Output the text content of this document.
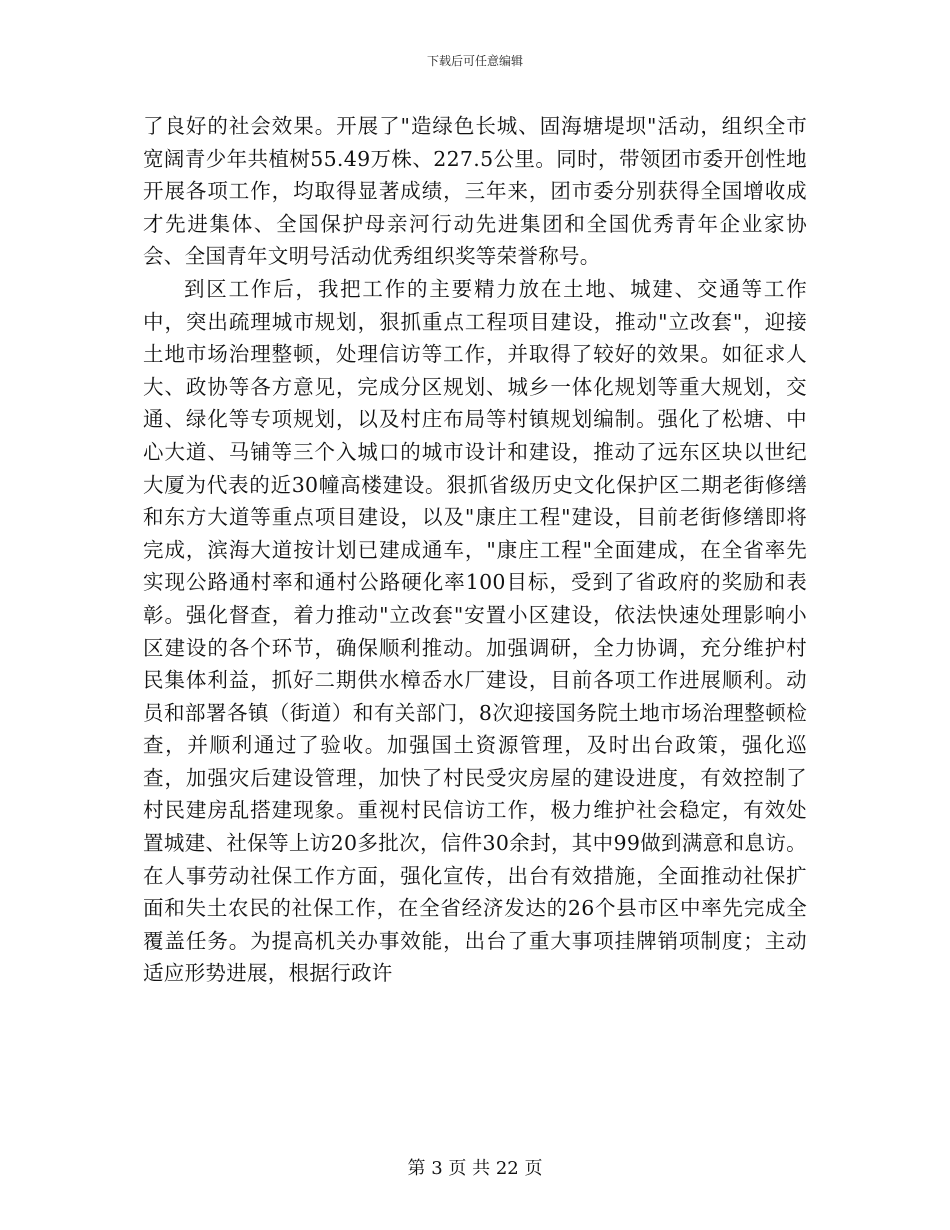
下载后可任意编辑

了良好的社会效果。开展了"造绿色长城、固海塘堤坝"活动，组织全市宽阔青少年共植树55.49万株、227.5公里。同时，带领团市委开创性地开展各项工作，均取得显著成绩，三年来，团市委分别获得全国增收成才先进集体、全国保护母亲河行动先进集团和全国优秀青年企业家协会、全国青年文明号活动优秀组织奖等荣誉称号。

到区工作后，我把工作的主要精力放在土地、城建、交通等工作中，突出疏理城市规划，狠抓重点工程项目建设，推动"立改套"，迎接土地市场治理整顿，处理信访等工作，并取得了较好的效果。如征求人大、政协等各方意见，完成分区规划、城乡一体化规划等重大规划，交通、绿化等专项规划，以及村庄布局等村镇规划编制。强化了松塘、中心大道、马铺等三个入城口的城市设计和建设，推动了远东区块以世纪大厦为代表的近30幢高楼建设。狠抓省级历史文化保护区二期老街修缮和东方大道等重点项目建设，以及"康庄工程"建设，目前老街修缮即将完成，滨海大道按计划已建成通车，"康庄工程"全面建成，在全省率先实现公路通村率和通村公路硬化率100目标，受到了省政府的奖励和表彰。强化督查，着力推动"立改套"安置小区建设，依法快速处理影响小区建设的各个环节，确保顺利推动。加强调研，全力协调，充分维护村民集体利益，抓好二期供水樟岙水厂建设，目前各项工作进展顺利。动员和部署各镇（街道）和有关部门，8次迎接国务院土地市场治理整顿检查，并顺利通过了验收。加强国土资源管理，及时出台政策，强化巡查，加强灾后建设管理，加快了村民受灾房屋的建设进度，有效控制了村民建房乱搭建现象。重视村民信访工作，极力维护社会稳定，有效处置城建、社保等上访20多批次，信件30余封，其中99做到满意和息访。在人事劳动社保工作方面，强化宣传，出台有效措施，全面推动社保扩面和失土农民的社保工作，在全省经济发达的26个县市区中率先完成全覆盖任务。为提高机关办事效能，出台了重大事项挂牌销项制度；主动适应形势进展，根据行政许

第 3 页 共 22 页
